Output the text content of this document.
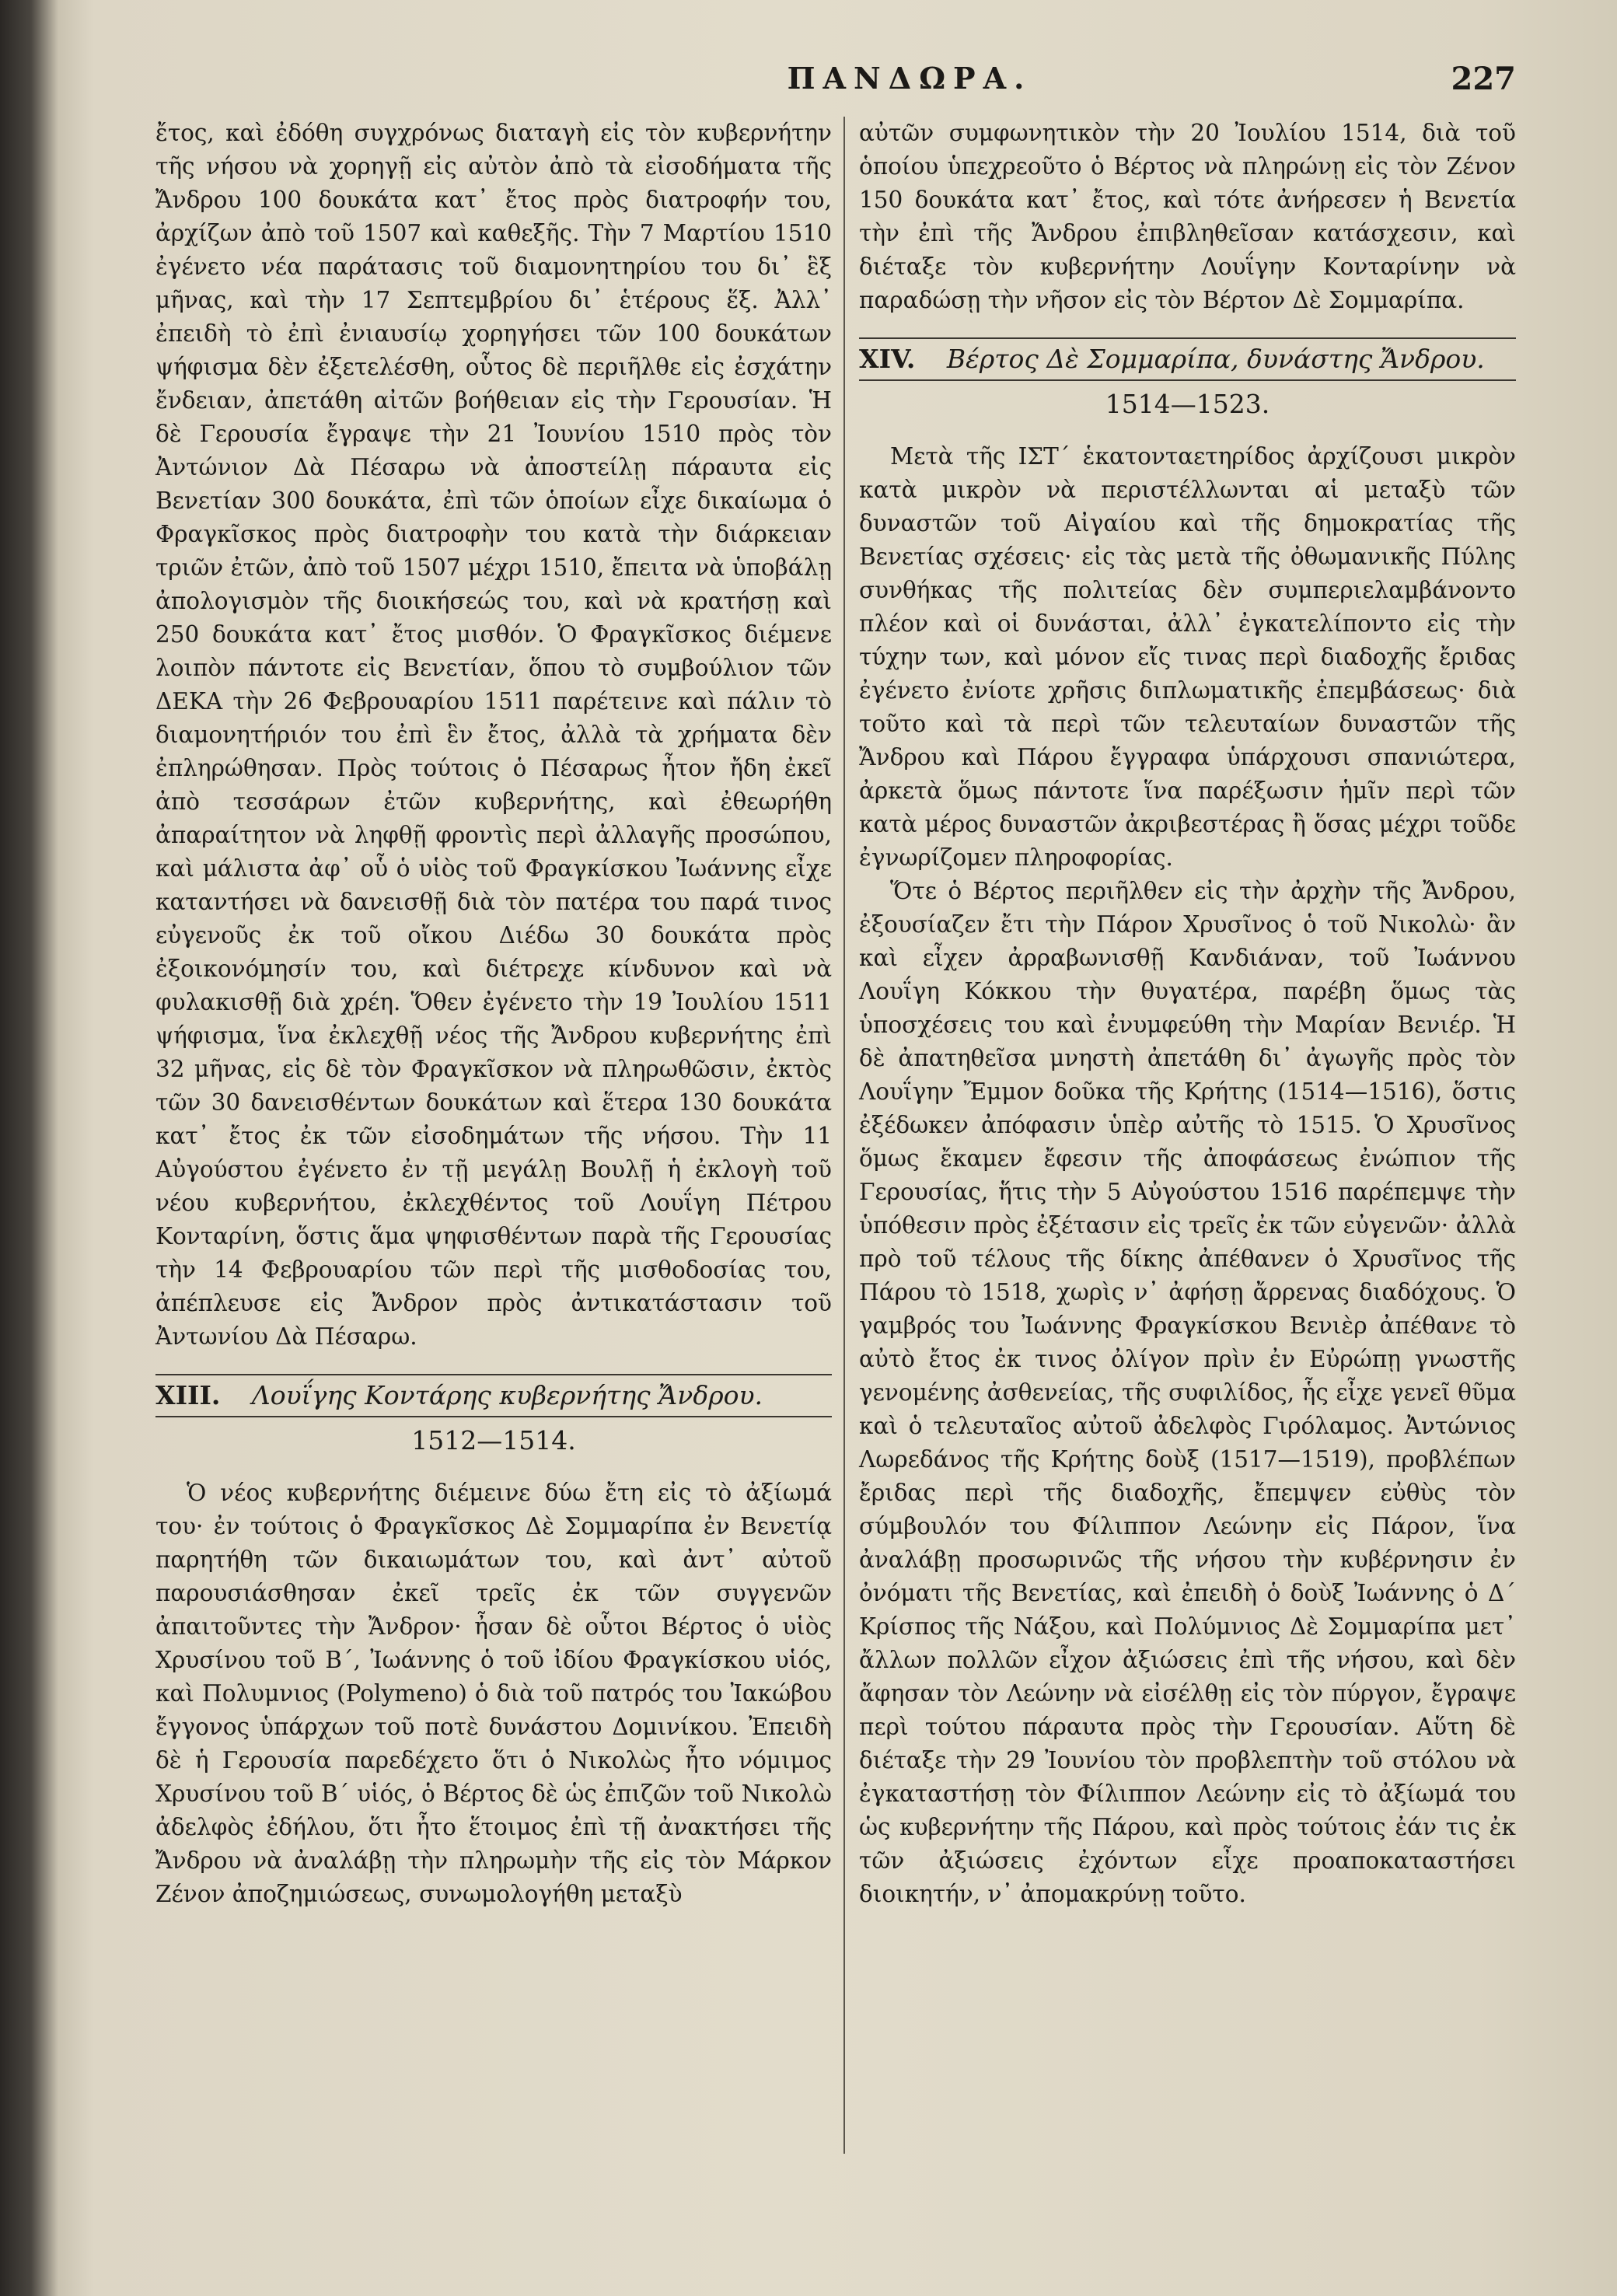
ΠΑΝΔΩΡΑ.	227

ἔτος, καὶ ἐδόθη συγχρόνως διαταγὴ εἰς τὸν κυβερνήτην τῆς νήσου νὰ χορηγῇ εἰς αὐτὸν ἀπὸ τὰ εἰσοδήματα τῆς Ἄνδρου 100 δουκάτα κατ᾽ ἔτος πρὸς διατροφήν του, ἀρχίζων ἀπὸ τοῦ 1507 καὶ καθεξῆς. Τὴν 7 Μαρτίου 1510 ἐγένετο νέα παράτασις τοῦ διαμονητηρίου του δι᾽ ἓξ μῆνας, καὶ τὴν 17 Σεπτεμβρίου δι᾽ ἑτέρους ἕξ. Ἀλλ᾽ ἐπειδὴ τὸ ἐπὶ ἐνιαυσίῳ χορηγήσει τῶν 100 δουκάτων ψήφισμα δὲν ἐξετελέσθη, οὗτος δὲ περιῆλθε εἰς ἐσχάτην ἔνδειαν, ἀπετάθη αἰτῶν βοήθειαν εἰς τὴν Γερουσίαν. Ἡ δὲ Γερουσία ἔγραψε τὴν 21 Ἰουνίου 1510 πρὸς τὸν Ἀντώνιον Δὰ Πέσαρω νὰ ἀποστείλῃ πάραυτα εἰς Βενετίαν 300 δουκάτα, ἐπὶ τῶν ὁποίων εἶχε δικαίωμα ὁ Φραγκῖσκος πρὸς διατροφὴν του κατὰ τὴν διάρκειαν τριῶν ἐτῶν, ἀπὸ τοῦ 1507 μέχρι 1510, ἔπειτα νὰ ὑποβάλῃ ἀπολογισμὸν τῆς διοικήσεώς του, καὶ νὰ κρατήσῃ καὶ 250 δουκάτα κατ᾽ ἔτος μισθόν. Ὁ Φραγκῖσκος διέμενε λοιπὸν πάντοτε εἰς Βενετίαν, ὅπου τὸ συμβούλιον τῶν ΔΕΚΑ τὴν 26 Φεβρουαρίου 1511 παρέτεινε καὶ πάλιν τὸ διαμονητήριόν του ἐπὶ ἓν ἔτος, ἀλλὰ τὰ χρήματα δὲν ἐπληρώθησαν. Πρὸς τούτοις ὁ Πέσαρως ἦτον ἤδη ἐκεῖ ἀπὸ τεσσάρων ἐτῶν κυβερνήτης, καὶ ἐθεωρήθη ἀπαραίτητον νὰ ληφθῇ φροντὶς περὶ ἀλλαγῆς προσώπου, καὶ μάλιστα ἀφ᾽ οὗ ὁ υἱὸς τοῦ Φραγκίσκου Ἰωάννης εἶχε καταντήσει νὰ δανεισθῇ διὰ τὸν πατέρα του παρά τινος εὐγενοῦς ἐκ τοῦ οἴκου Διέδω 30 δουκάτα πρὸς ἐξοικονόμησίν του, καὶ διέτρεχε κίνδυνον καὶ νὰ φυλακισθῇ διὰ χρέη. Ὅθεν ἐγένετο τὴν 19 Ἰουλίου 1511 ψήφισμα, ἵνα ἐκλεχθῇ νέος τῆς Ἄνδρου κυβερνήτης ἐπὶ 32 μῆνας, εἰς δὲ τὸν Φραγκῖσκον νὰ πληρωθῶσιν, ἐκτὸς τῶν 30 δανεισθέντων δουκάτων καὶ ἕτερα 130 δουκάτα κατ᾽ ἔτος ἐκ τῶν εἰσοδημάτων τῆς νήσου. Τὴν 11 Αὐγούστου ἐγένετο ἐν τῇ μεγάλῃ Βουλῇ ἡ ἐκλογὴ τοῦ νέου κυβερνήτου, ἐκλεχθέντος τοῦ Λουΐγη Πέτρου Κονταρίνη, ὅστις ἅμα ψηφισθέντων παρὰ τῆς Γερουσίας τὴν 14 Φεβρουαρίου τῶν περὶ τῆς μισθοδοσίας του, ἀπέπλευσε εἰς Ἄνδρον πρὸς ἀντικατάστασιν τοῦ Ἀντωνίου Δὰ Πέσαρω.

XIII. Λουΐγης Κοντάρης κυβερνήτης Ἄνδρου.
1512—1514.

Ὁ νέος κυβερνήτης διέμεινε δύω ἔτη εἰς τὸ ἀξίωμά του· ἐν τούτοις ὁ Φραγκῖσκος Δὲ Σομμαρίπα ἐν Βενετίᾳ παρητήθη τῶν δικαιωμάτων του, καὶ ἀντ᾽ αὐτοῦ παρουσιάσθησαν ἐκεῖ τρεῖς ἐκ τῶν συγγενῶν ἀπαιτοῦντες τὴν Ἄνδρον· ἦσαν δὲ οὗτοι Βέρτος ὁ υἱὸς Χρυσίνου τοῦ Β΄, Ἰωάννης ὁ τοῦ ἰδίου Φραγκίσκου υἱός, καὶ Πολυμνιος (Polymeno) ὁ διὰ τοῦ πατρός του Ἰακώβου ἔγγονος ὑπάρχων τοῦ ποτὲ δυνάστου Δομινίκου. Ἐπειδὴ δὲ ἡ Γερουσία παρεδέχετο ὅτι ὁ Νικολὼς ἦτο νόμιμος Χρυσίνου τοῦ Β΄ υἱός, ὁ Βέρτος δὲ ὡς ἐπιζῶν τοῦ Νικολὼ ἀδελφὸς ἐδήλου, ὅτι ἦτο ἕτοιμος ἐπὶ τῇ ἀνακτήσει τῆς Ἄνδρου νὰ ἀναλάβῃ τὴν πληρωμὴν τῆς εἰς τὸν Μάρκον Ζένον ἀποζημιώσεως, συνωμολογήθη μεταξὺ

αὐτῶν συμφωνητικὸν τὴν 20 Ἰουλίου 1514, διὰ τοῦ ὁποίου ὑπεχρεοῦτο ὁ Βέρτος νὰ πληρώνῃ εἰς τὸν Ζένον 150 δουκάτα κατ᾽ ἔτος, καὶ τότε ἀνήρεσεν ἡ Βενετία τὴν ἐπὶ τῆς Ἄνδρου ἐπιβληθεῖσαν κατάσχεσιν, καὶ διέταξε τὸν κυβερνήτην Λουΐγην Κονταρίνην νὰ παραδώσῃ τὴν νῆσον εἰς τὸν Βέρτον Δὲ Σομμαρίπα.

XIV. Βέρτος Δὲ Σομμαρίπα, δυνάστης Ἄνδρου.
1514—1523.

Μετὰ τῆς ΙΣΤ΄ ἑκατονταετηρίδος ἀρχίζουσι μικρὸν κατὰ μικρὸν νὰ περιστέλλωνται αἱ μεταξὺ τῶν δυναστῶν τοῦ Αἰγαίου καὶ τῆς δημοκρατίας τῆς Βενετίας σχέσεις· εἰς τὰς μετὰ τῆς ὀθωμανικῆς Πύλης συνθήκας τῆς πολιτείας δὲν συμπεριελαμβάνοντο πλέον καὶ οἱ δυνάσται, ἀλλ᾽ ἐγκατελίποντο εἰς τὴν τύχην των, καὶ μόνον εἴς τινας περὶ διαδοχῆς ἔριδας ἐγένετο ἐνίοτε χρῆσις διπλωματικῆς ἐπεμβάσεως· διὰ τοῦτο καὶ τὰ περὶ τῶν τελευταίων δυναστῶν τῆς Ἄνδρου καὶ Πάρου ἔγγραφα ὑπάρχουσι σπανιώτερα, ἀρκετὰ ὅμως πάντοτε ἵνα παρέξωσιν ἡμῖν περὶ τῶν κατὰ μέρος δυναστῶν ἀκριβεστέρας ἢ ὅσας μέχρι τοῦδε ἐγνωρίζομεν πληροφορίας.

Ὅτε ὁ Βέρτος περιῆλθεν εἰς τὴν ἀρχὴν τῆς Ἄνδρου, ἐξουσίαζεν ἔτι τὴν Πάρον Χρυσῖνος ὁ τοῦ Νικολὼ· ἂν καὶ εἶχεν ἀρραβωνισθῇ Κανδιάναν, τοῦ Ἰωάννου Λουΐγη Κόκκου τὴν θυγατέρα, παρέβη ὅμως τὰς ὑποσχέσεις του καὶ ἐνυμφεύθη τὴν Μαρίαν Βενιέρ. Ἡ δὲ ἀπατηθεῖσα μνηστὴ ἀπετάθη δι᾽ ἀγωγῆς πρὸς τὸν Λουΐγην Ἔμμον δοῦκα τῆς Κρήτης (1514—1516), ὅστις ἐξέδωκεν ἀπόφασιν ὑπὲρ αὐτῆς τὸ 1515. Ὁ Χρυσῖνος ὅμως ἔκαμεν ἔφεσιν τῆς ἀποφάσεως ἐνώπιον τῆς Γερουσίας, ἥτις τὴν 5 Αὐγούστου 1516 παρέπεμψε τὴν ὑπόθεσιν πρὸς ἐξέτασιν εἰς τρεῖς ἐκ τῶν εὐγενῶν· ἀλλὰ πρὸ τοῦ τέλους τῆς δίκης ἀπέθανεν ὁ Χρυσῖνος τῆς Πάρου τὸ 1518, χωρὶς ν᾽ ἀφήσῃ ἄρρενας διαδόχους. Ὁ γαμβρός του Ἰωάννης Φραγκίσκου Βενιὲρ ἀπέθανε τὸ αὐτὸ ἔτος ἐκ τινος ὀλίγον πρὶν ἐν Εὐρώπῃ γνωστῆς γενομένης ἀσθενείας, τῆς συφιλίδος, ἧς εἶχε γενεῖ θῦμα καὶ ὁ τελευταῖος αὐτοῦ ἀδελφὸς Γιρόλαμος. Ἀντώνιος Λωρεδάνος τῆς Κρήτης δοὺξ (1517—1519), προβλέπων ἔριδας περὶ τῆς διαδοχῆς, ἔπεμψεν εὐθὺς τὸν σύμβουλόν του Φίλιππον Λεώνην εἰς Πάρον, ἵνα ἀναλάβῃ προσωρινῶς τῆς νήσου τὴν κυβέρνησιν ἐν ὀνόματι τῆς Βενετίας, καὶ ἐπειδὴ ὁ δοὺξ Ἰωάννης ὁ Δ΄ Κρίσπος τῆς Νάξου, καὶ Πολύμνιος Δὲ Σομμαρίπα μετ᾽ ἄλλων πολλῶν εἶχον ἀξιώσεις ἐπὶ τῆς νήσου, καὶ δὲν ἄφησαν τὸν Λεώνην νὰ εἰσέλθῃ εἰς τὸν πύργον, ἔγραψε περὶ τούτου πάραυτα πρὸς τὴν Γερουσίαν. Αὕτη δὲ διέταξε τὴν 29 Ἰουνίου τὸν προβλεπτὴν τοῦ στόλου νὰ ἐγκαταστήσῃ τὸν Φίλιππον Λεώνην εἰς τὸ ἀξίωμά του ὡς κυβερνήτην τῆς Πάρου, καὶ πρὸς τούτοις ἐάν τις ἐκ τῶν ἀξιώσεις ἐχόντων εἶχε προαποκαταστήσει διοικητήν, ν᾽ ἀπομακρύνῃ τοῦτο.
